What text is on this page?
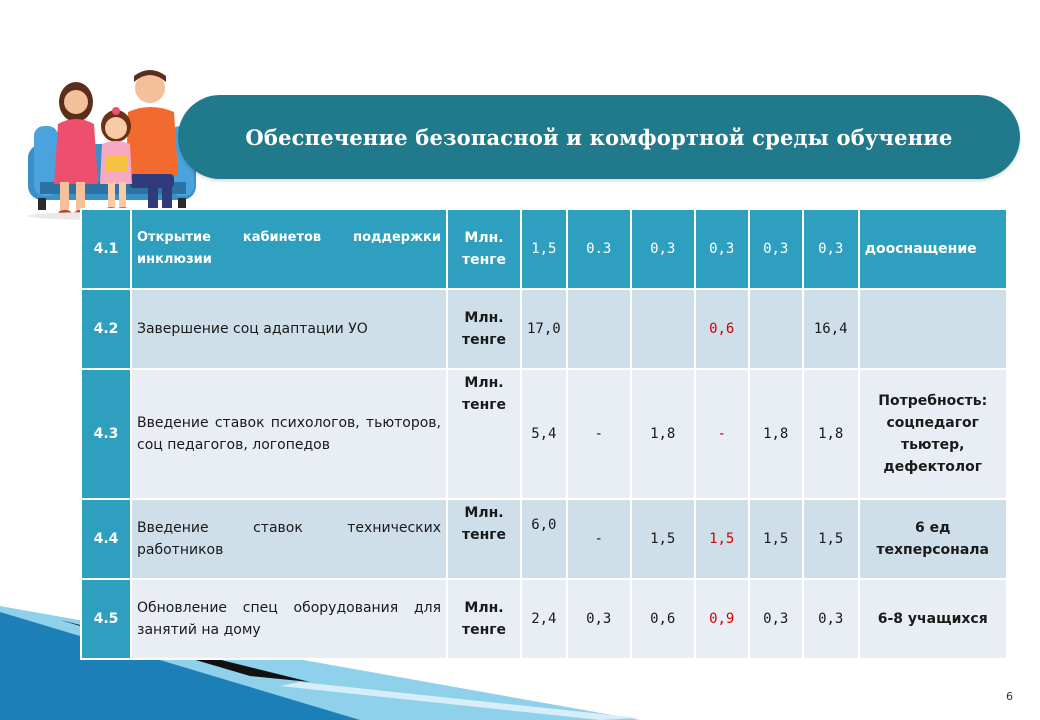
Обеспечение безопасной и комфортной среды обучение
4.1	Открытие кабинетов поддержки инклюзии	Млн. тенге	1,5	0.3	0,3	0,3	0,3	0,3	дооснащение
4.2	Завершение соц адаптации УО	Млн. тенге	17,0			0,6		16,4	
4.3	Введение ставок психологов, тьюторов, соц педагогов, логопедов	Млн. тенге	5,4	-	1,8	-	1,8	1,8	Потребность: соцпедагог тьютер, дефектолог
4.4	Введение ставок технических работников	Млн. тенге	6,0	-	1,5	1,5	1,5	1,5	6 ед техперсонала
4.5	Обновление спец оборудования для занятий на дому	Млн. тенге	2,4	0,3	0,6	0,9	0,3	0,3	6-8 учащихся
6
